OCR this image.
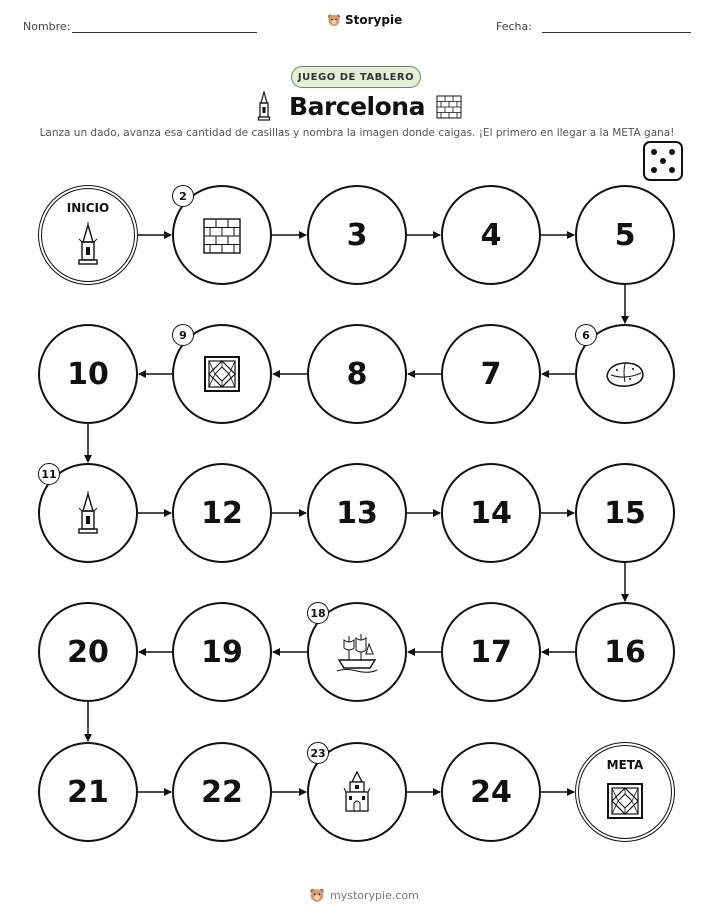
Nombre:	Storypie	Fecha:
JUEGO DE TABLERO
Barcelona
Lanza un dado, avanza esa cantidad de casillas y nombra la imagen donde caigas. ¡El primero en llegar a la META gana!
INICIO
2
3	4	5
6
7
8
9
10
11
12	13	14	15
16
17
18
19
20
21	22
23
24
META
mystorypie.com
